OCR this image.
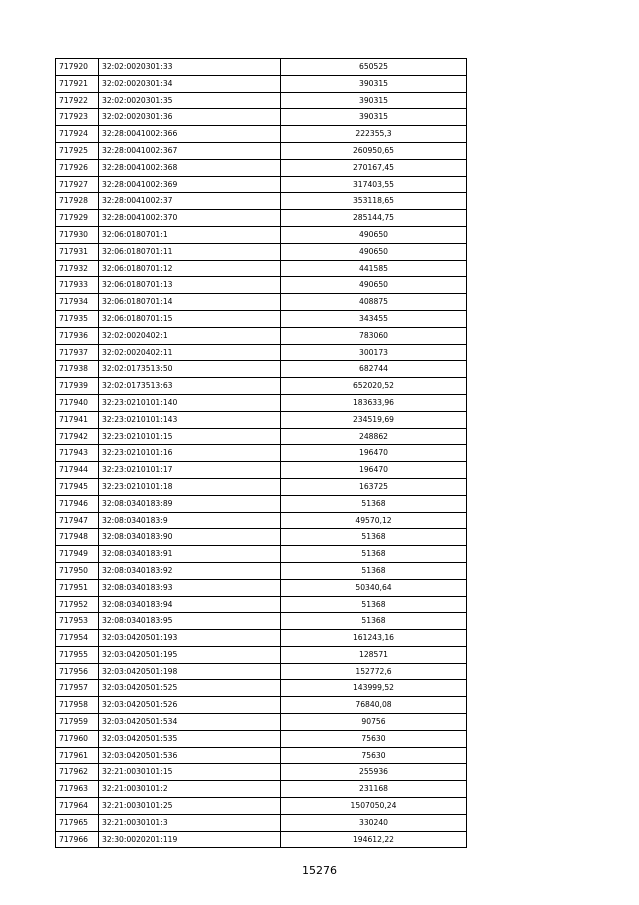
717920	32:02:0020301:33	650525
717921	32:02:0020301:34	390315
717922	32:02:0020301:35	390315
717923	32:02:0020301:36	390315
717924	32:28:0041002:366	222355,3
717925	32:28:0041002:367	260950,65
717926	32:28:0041002:368	270167,45
717927	32:28:0041002:369	317403,55
717928	32:28:0041002:37	353118,65
717929	32:28:0041002:370	285144,75
717930	32:06:0180701:1	490650
717931	32:06:0180701:11	490650
717932	32:06:0180701:12	441585
717933	32:06:0180701:13	490650
717934	32:06:0180701:14	408875
717935	32:06:0180701:15	343455
717936	32:02:0020402:1	783060
717937	32:02:0020402:11	300173
717938	32:02:0173513:50	682744
717939	32:02:0173513:63	652020,52
717940	32:23:0210101:140	183633,96
717941	32:23:0210101:143	234519,69
717942	32:23:0210101:15	248862
717943	32:23:0210101:16	196470
717944	32:23:0210101:17	196470
717945	32:23:0210101:18	163725
717946	32:08:0340183:89	51368
717947	32:08:0340183:9	49570,12
717948	32:08:0340183:90	51368
717949	32:08:0340183:91	51368
717950	32:08:0340183:92	51368
717951	32:08:0340183:93	50340,64
717952	32:08:0340183:94	51368
717953	32:08:0340183:95	51368
717954	32:03:0420501:193	161243,16
717955	32:03:0420501:195	128571
717956	32:03:0420501:198	152772,6
717957	32:03:0420501:525	143999,52
717958	32:03:0420501:526	76840,08
717959	32:03:0420501:534	90756
717960	32:03:0420501:535	75630
717961	32:03:0420501:536	75630
717962	32:21:0030101:15	255936
717963	32:21:0030101:2	231168
717964	32:21:0030101:25	1507050,24
717965	32:21:0030101:3	330240
717966	32:30:0020201:119	194612,22
15276
